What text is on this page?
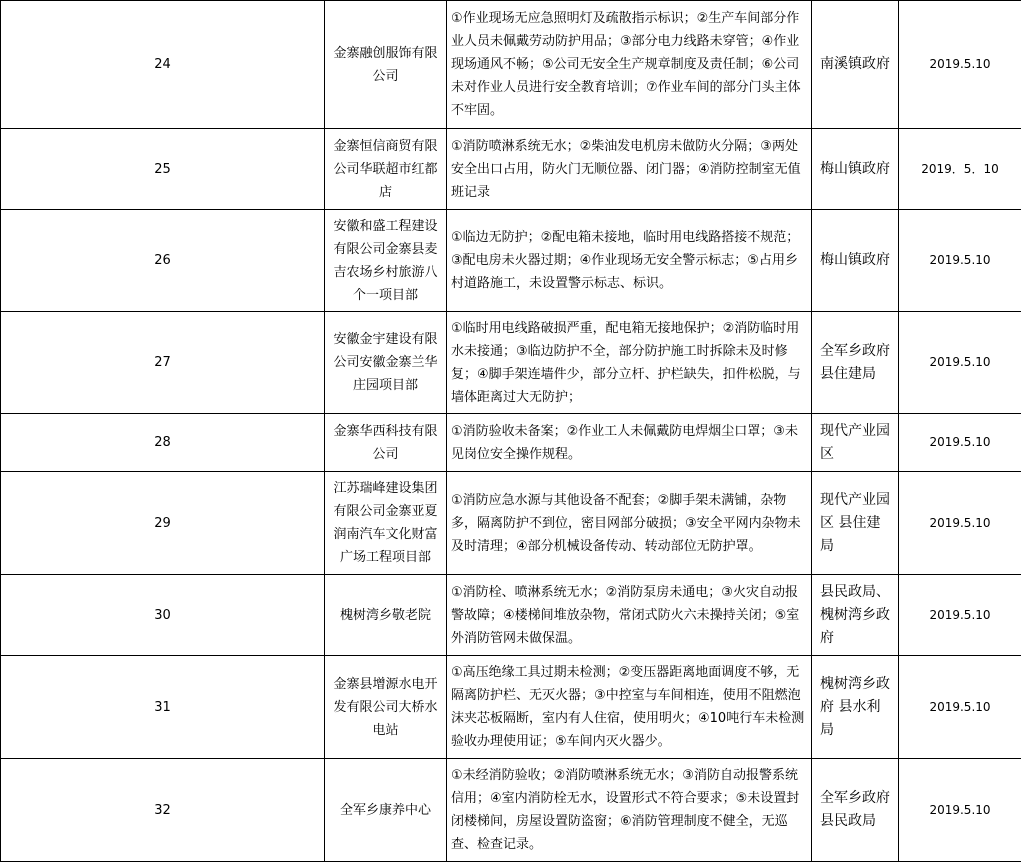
24	金寨融创服饰有限公司	①作业现场无应急照明灯及疏散指示标识；②生产车间部分作业人员未佩戴劳动防护用品；③部分电力线路未穿管；④作业现场通风不畅；⑤公司无安全生产规章制度及责任制；⑥公司未对作业人员进行安全教育培训；⑦作业车间的部分门头主体不牢固。	南溪镇政府	2019.5.10
25	金寨恒信商贸有限公司华联超市红都店	①消防喷淋系统无水；②柴油发电机房未做防火分隔；③两处安全出口占用，防火门无顺位器、闭门器；④消防控制室无值班记录	梅山镇政府	2019．5．10
26	安徽和盛工程建设有限公司金寨县麦吉农场乡村旅游八个一项目部	①临边无防护；②配电箱未接地，临时用电线路搭接不规范；③配电房未火器过期；④作业现场无安全警示标志；⑤占用乡村道路施工，未设置警示标志、标识。	梅山镇政府	2019.5.10
27	安徽金宇建设有限公司安徽金寨兰华庄园项目部	①临时用电线路破损严重，配电箱无接地保护；②消防临时用水未接通；③临边防护不全，部分防护施工时拆除未及时修复；④脚手架连墙件少，部分立杆、护栏缺失，扣件松脱，与墙体距离过大无防护；	全军乡政府 县住建局	2019.5.10
28	金寨华西科技有限公司	①消防验收未备案；②作业工人未佩戴防电焊烟尘口罩；③未见岗位安全操作规程。	现代产业园区	2019.5.10
29	江苏瑞峰建设集团有限公司金寨亚夏润南汽车文化财富广场工程项目部	①消防应急水源与其他设备不配套；②脚手架未满铺，杂物多，隔离防护不到位，密目网部分破损；③安全平网内杂物未及时清理；④部分机械设备传动、转动部位无防护罩。	现代产业园区 县住建局	2019.5.10
30	槐树湾乡敬老院	①消防栓、喷淋系统无水；②消防泵房未通电；③火灾自动报警故障；④楼梯间堆放杂物，常闭式防火六未操持关闭；⑤室外消防管网未做保温。	县民政局、槐树湾乡政府	2019.5.10
31	金寨县增源水电开发有限公司大桥水电站	①高压绝缘工具过期未检测；②变压器距离地面调度不够，无隔离防护栏、无灭火器；③中控室与车间相连，使用不阻燃泡沫夹芯板隔断，室内有人住宿，使用明火；④10吨行车未检测验收办理使用证；⑤车间内灭火器少。	槐树湾乡政府 县水利局	2019.5.10
32	全军乡康养中心	①未经消防验收；②消防喷淋系统无水；③消防自动报警系统信用；④室内消防栓无水，设置形式不符合要求；⑤未设置封闭楼梯间，房屋设置防盗窗；⑥消防管理制度不健全，无巡查、检查记录。	全军乡政府 县民政局	2019.5.10
